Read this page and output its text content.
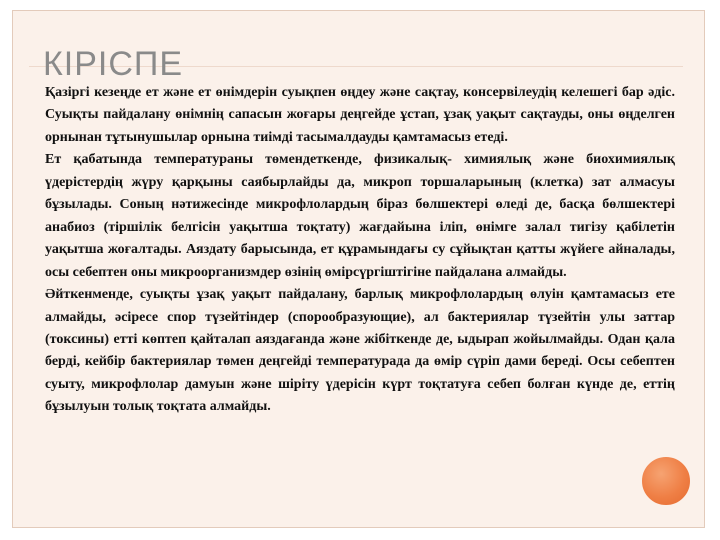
КІРІСПЕ

Қазіргі кезеңде ет және ет өнімдерін суықпен өңдеу және сақтау, консервілеудің келешегі бар әдіс. Суықты пайдалану өнімнің сапасын жоғары деңгейде ұстап, ұзақ уақыт сақтауды, оны өңделген орнынан тұтынушылар орнына тиімді тасымалдауды қамтамасыз етеді.

Ет қабатында температураны төмендеткенде, физикалық- химиялық және биохимиялық үдерістердің жүру қарқыны саябырлайды да, микроп торшаларының (клетка) зат алмасуы бұзылады. Соның нәтижесінде микрофлолардың біраз бөлшектері өледі де, басқа бөлшектері анабиоз (тіршілік белгісін уақытша тоқтату) жағдайына іліп, өнімге залал тигізу қабілетін уақытша жоғалтады. Аяздату барысында, ет құрамындағы су сұйықтан қатты жүйеге айналады, осы себептен оны микроорганизмдер өзінің өмірсүргіштігіне пайдалана алмайды.

Әйткенменде, суықты ұзақ уақыт пайдалану, барлық микрофлолардың өлуін қамтамасыз ете алмайды, әсіресе спор түзейтіндер (спорообразующие), ал бактериялар түзейтін улы заттар (токсины) етті көптеп қайталап аяздағанда және жібіткенде де, ыдырап жойылмайды. Одан қала берді, кейбір бактериялар төмен деңгейді температурада да өмір сүріп дами береді. Осы себептен суыту, микрофлолар дамуын және шіріту үдерісін күрт тоқтатуға себеп болған күнде де, еттің бұзылуын толық тоқтата алмайды.
